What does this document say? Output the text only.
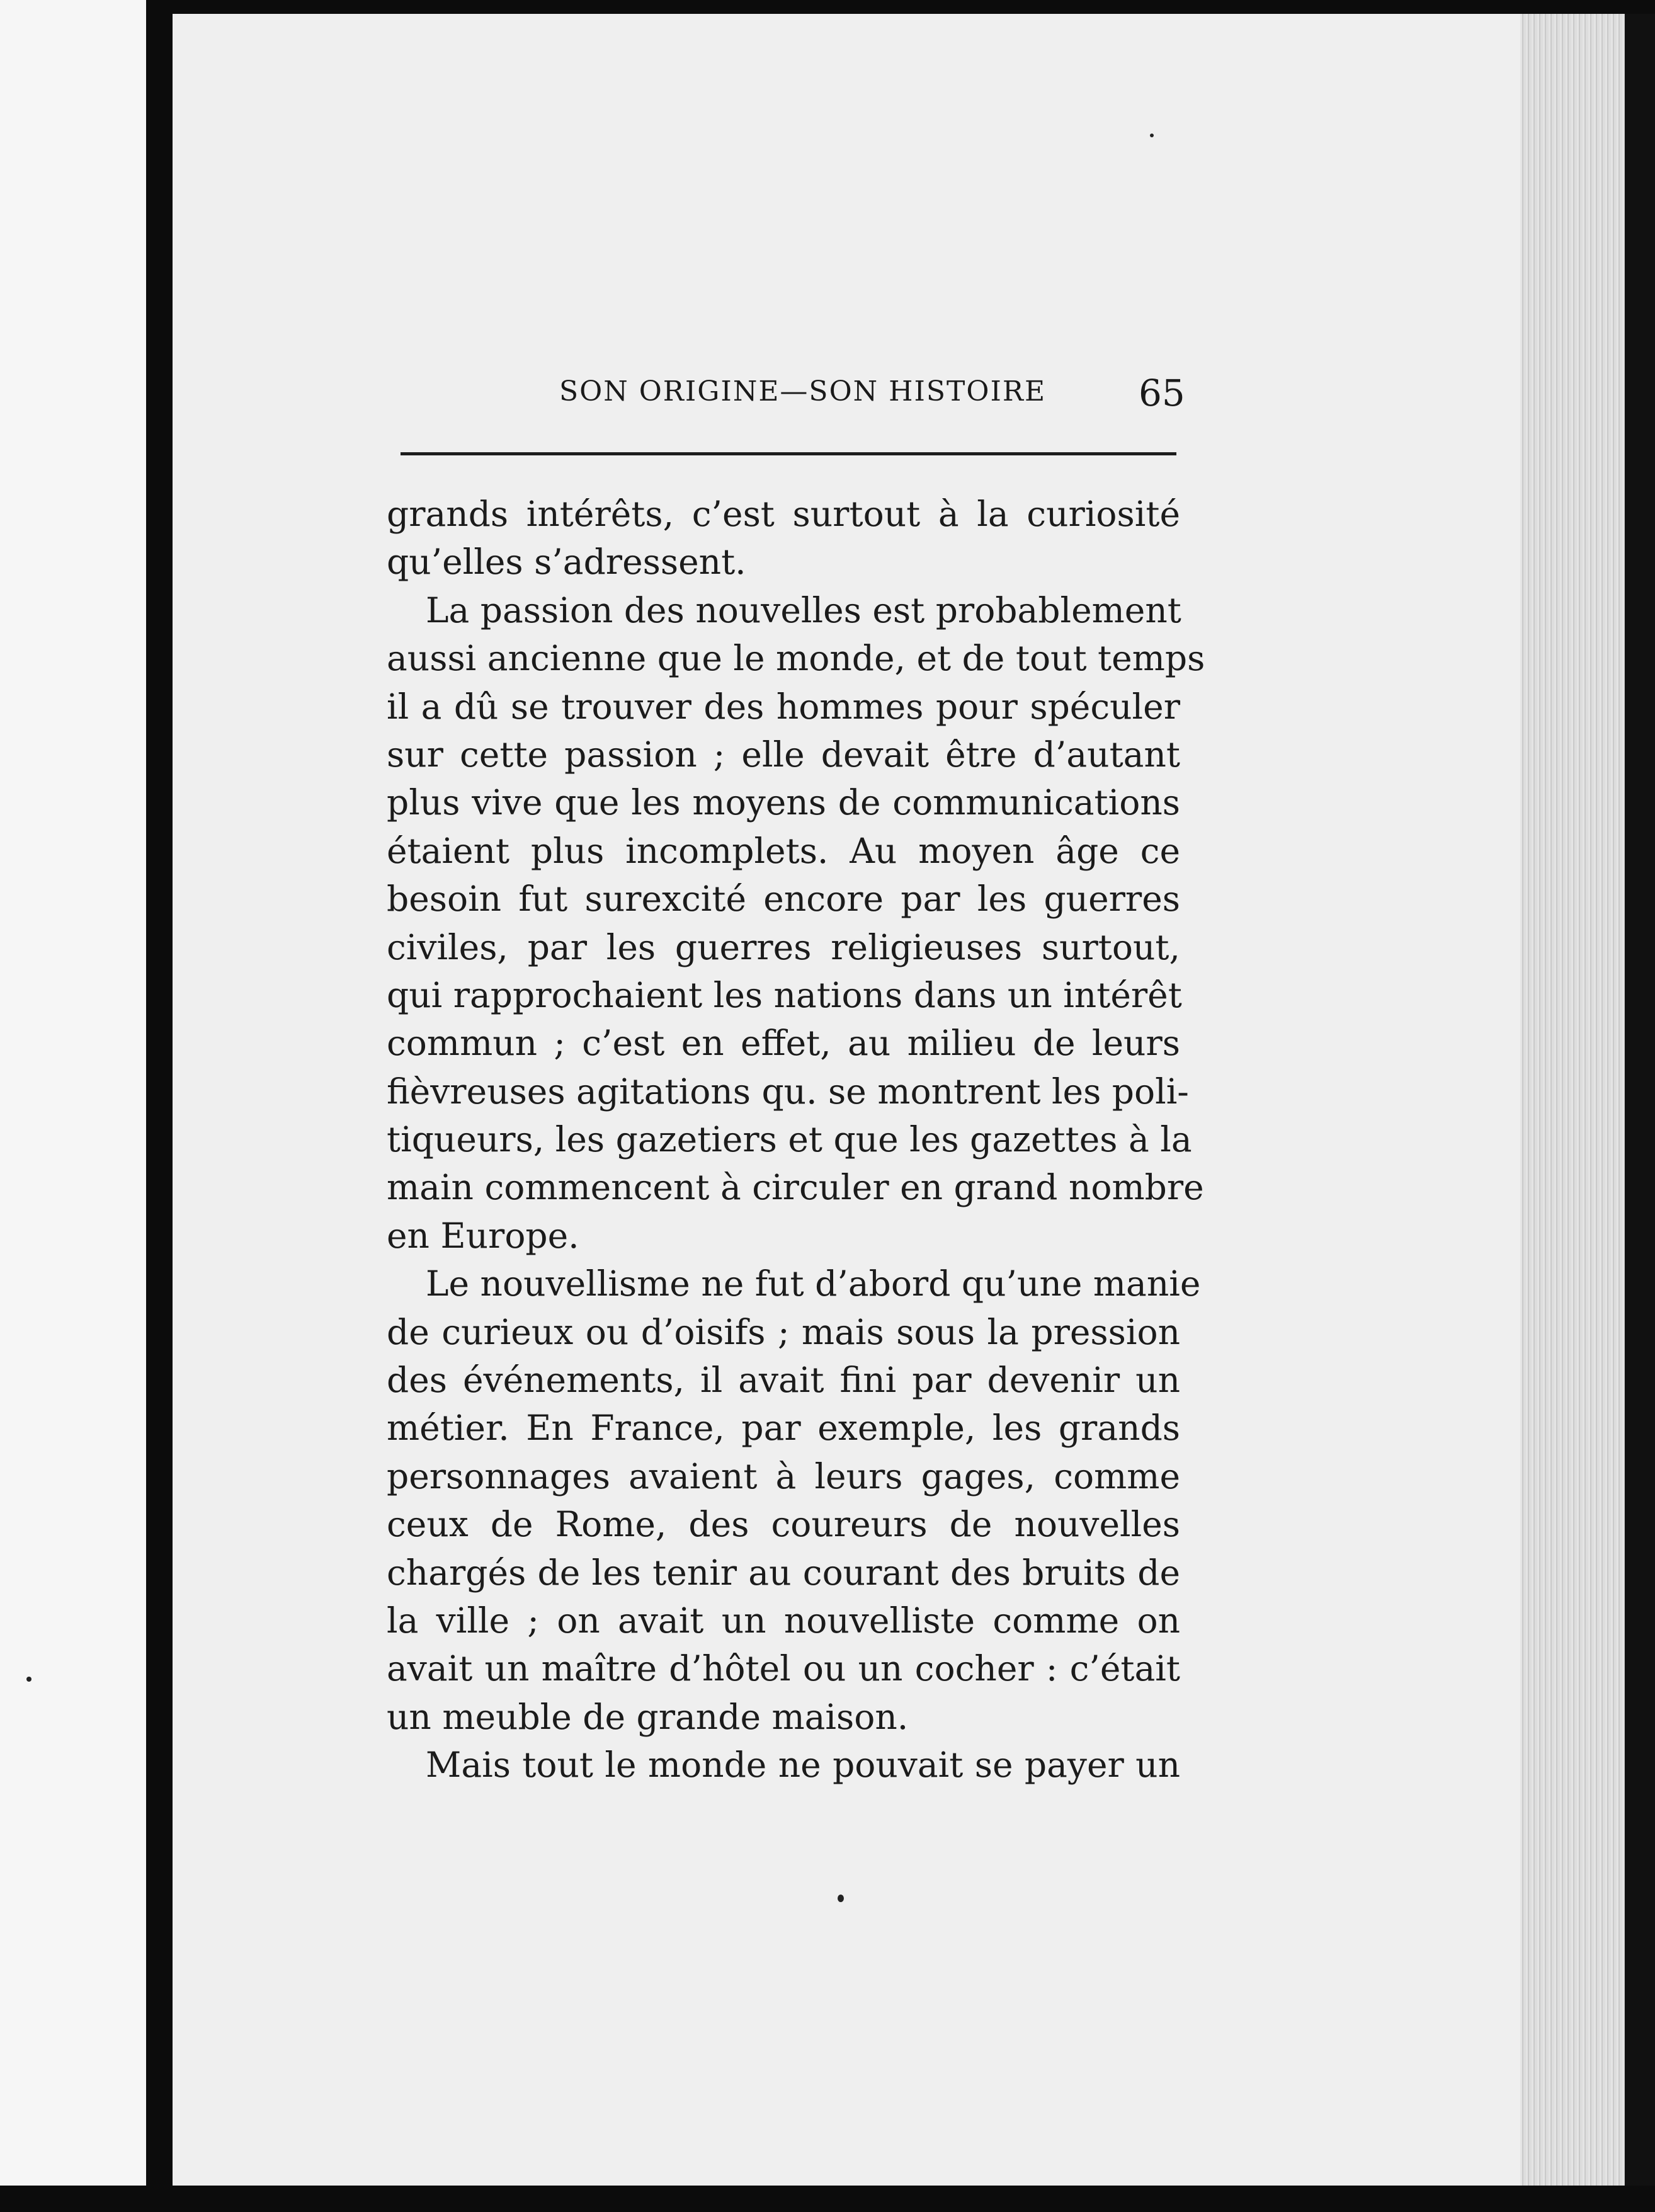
SON ORIGINE—SON HISTOIRE	65
grands intérêts, c’est surtout à la curiosité
qu’elles s’adressent.
La passion des nouvelles est probablement
aussi ancienne que le monde, et de tout temps
il a dû se trouver des hommes pour spéculer
sur cette passion ; elle devait être d’autant
plus vive que les moyens de communications
étaient plus incomplets. Au moyen âge ce
besoin fut surexcité encore par les guerres
civiles, par les guerres religieuses surtout,
qui rapprochaient les nations dans un intérêt
commun ; c’est en effet, au milieu de leurs
fièvreuses agitations qu. se montrent les poli-
tiqueurs, les gazetiers et que les gazettes à la
main commencent à circuler en grand nombre
en Europe.
Le nouvellisme ne fut d’abord qu’une manie
de curieux ou d’oisifs ; mais sous la pression
des événements, il avait fini par devenir un
métier. En France, par exemple, les grands
personnages avaient à leurs gages, comme
ceux de Rome, des coureurs de nouvelles
chargés de les tenir au courant des bruits de
la ville ; on avait un nouvelliste comme on
avait un maître d’hôtel ou un cocher : c’était
un meuble de grande maison.
Mais tout le monde ne pouvait se payer un
